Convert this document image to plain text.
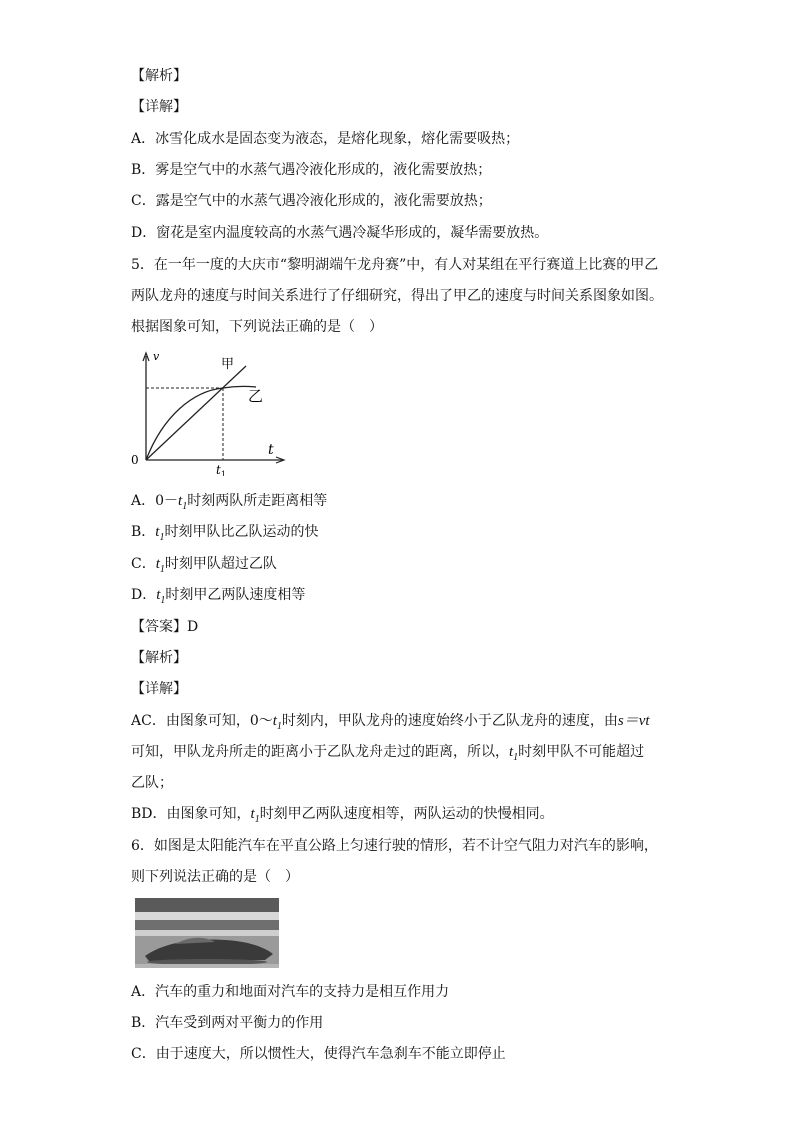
【解析】
【详解】
A．冰雪化成水是固态变为液态，是熔化现象，熔化需要吸热；
B．雾是空气中的水蒸气遇冷液化形成的，液化需要放热；
C．露是空气中的水蒸气遇冷液化形成的，液化需要放热；
D．窗花是室内温度较高的水蒸气遇冷凝华形成的，凝华需要放热。
5．在一年一度的大庆市“黎明湖端午龙舟赛”中，有人对某组在平行赛道上比赛的甲乙
两队龙舟的速度与时间关系进行了仔细研究，得出了甲乙的速度与时间关系图象如图。
根据图象可知，下列说法正确的是（　）
v
t
0
$t_1$
甲
乙
A．$0-t_1$时刻两队所走距离相等
B．$t_1$时刻甲队比乙队运动的快
C．$t_1$时刻甲队超过乙队
D．$t_1$时刻甲乙两队速度相等
【答案】D
【解析】
【详解】
AC．由图象可知，$0\sim t_1$时刻内，甲队龙舟的速度始终小于乙队龙舟的速度，由s＝vt
可知，甲队龙舟所走的距离小于乙队龙舟走过的距离，所以，$t_1$时刻甲队不可能超过
乙队；
BD．由图象可知，$t_1$时刻甲乙两队速度相等，两队运动的快慢相同。
6．如图是太阳能汽车在平直公路上匀速行驶的情形，若不计空气阻力对汽车的影响，
则下列说法正确的是（　）
A．汽车的重力和地面对汽车的支持力是相互作用力
B．汽车受到两对平衡力的作用
C．由于速度大，所以惯性大，使得汽车急刹车不能立即停止
